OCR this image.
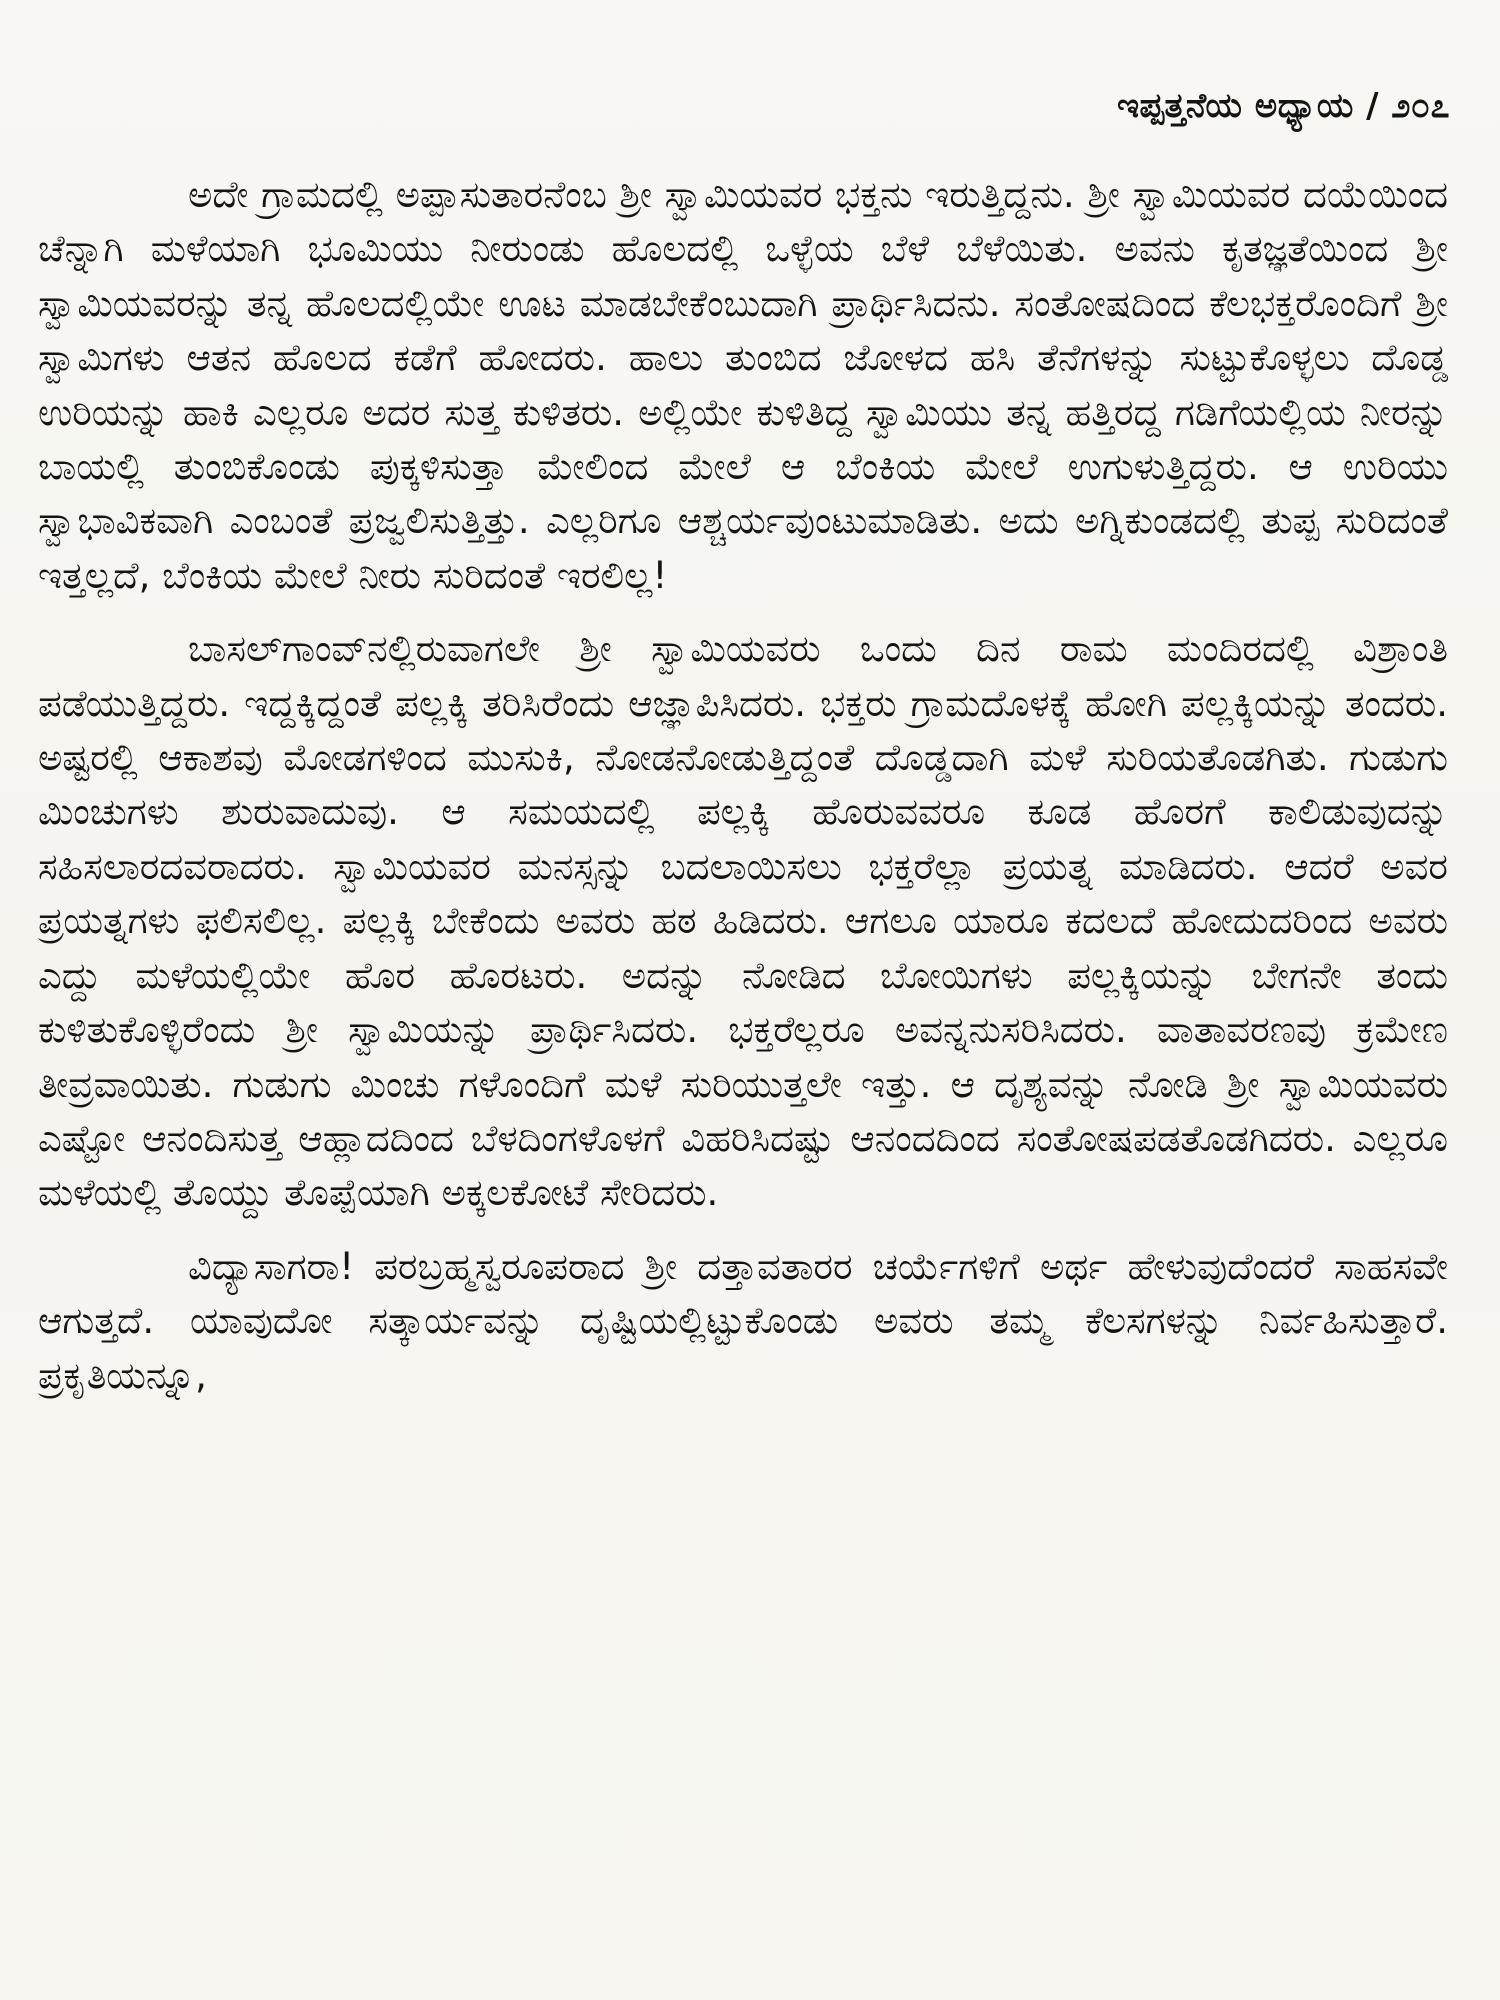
ಇಪ್ಪತ್ತನೆಯ ಅಧ್ಯಾಯ / ೨೦೭

ಅದೇ ಗ್ರಾಮದಲ್ಲಿ ಅಪ್ಪಾಸುತಾರನೆಂಬ ಶ್ರೀ ಸ್ವಾಮಿಯವರ ಭಕ್ತನು ಇರುತ್ತಿದ್ದನು. ಶ್ರೀ ಸ್ವಾಮಿಯವರ ದಯೆಯಿಂದ ಚೆನ್ನಾಗಿ ಮಳೆಯಾಗಿ ಭೂಮಿಯು ನೀರುಂಡು ಹೊಲದಲ್ಲಿ ಒಳ್ಳೆಯ ಬೆಳೆ ಬೆಳೆಯಿತು. ಅವನು ಕೃತಜ್ಞತೆಯಿಂದ ಶ್ರೀ ಸ್ವಾಮಿಯವರನ್ನು ತನ್ನ ಹೊಲದಲ್ಲಿಯೇ ಊಟ ಮಾಡಬೇಕೆಂಬುದಾಗಿ ಪ್ರಾರ್ಥಿಸಿದನು. ಸಂತೋಷದಿಂದ ಕೆಲಭಕ್ತರೊಂದಿಗೆ ಶ್ರೀ ಸ್ವಾಮಿಗಳು ಆತನ ಹೊಲದ ಕಡೆಗೆ ಹೋದರು. ಹಾಲು ತುಂಬಿದ ಜೋಳದ ಹಸಿ ತೆನೆಗಳನ್ನು ಸುಟ್ಟುಕೊಳ್ಳಲು ದೊಡ್ಡ ಉರಿಯನ್ನು ಹಾಕಿ ಎಲ್ಲರೂ ಅದರ ಸುತ್ತ ಕುಳಿತರು. ಅಲ್ಲಿಯೇ ಕುಳಿತಿದ್ದ ಸ್ವಾಮಿಯು ತನ್ನ ಹತ್ತಿರದ್ದ ಗಡಿಗೆಯಲ್ಲಿಯ ನೀರನ್ನು ಬಾಯಲ್ಲಿ ತುಂಬಿಕೊಂಡು ಪುಕ್ಕಳಿಸುತ್ತಾ ಮೇಲಿಂದ ಮೇಲೆ ಆ ಬೆಂಕಿಯ ಮೇಲೆ ಉಗುಳುತ್ತಿದ್ದರು. ಆ ಉರಿಯು ಸ್ವಾಭಾವಿಕವಾಗಿ ಎಂಬಂತೆ ಪ್ರಜ್ವಲಿಸುತ್ತಿತ್ತು. ಎಲ್ಲರಿಗೂ ಆಶ್ಚರ್ಯವುಂಟುಮಾಡಿತು. ಅದು ಅಗ್ನಿಕುಂಡದಲ್ಲಿ ತುಪ್ಪ ಸುರಿದಂತೆ ಇತ್ತಲ್ಲದೆ, ಬೆಂಕಿಯ ಮೇಲೆ ನೀರು ಸುರಿದಂತೆ ಇರಲಿಲ್ಲ!

ಬಾಸಲ್‌ಗಾಂವ್‌ನಲ್ಲಿರುವಾಗಲೇ ಶ್ರೀ ಸ್ವಾಮಿಯವರು ಒಂದು ದಿನ ರಾಮ ಮಂದಿರದಲ್ಲಿ ವಿಶ್ರಾಂತಿ ಪಡೆಯುತ್ತಿದ್ದರು. ಇದ್ದಕ್ಕಿದ್ದಂತೆ ಪಲ್ಲಕ್ಕಿ ತರಿಸಿರೆಂದು ಆಜ್ಞಾಪಿಸಿದರು. ಭಕ್ತರು ಗ್ರಾಮದೊಳಕ್ಕೆ ಹೋಗಿ ಪಲ್ಲಕ್ಕಿಯನ್ನು ತಂದರು. ಅಷ್ಟರಲ್ಲಿ ಆಕಾಶವು ಮೋಡಗಳಿಂದ ಮುಸುಕಿ, ನೋಡನೋಡುತ್ತಿದ್ದಂತೆ ದೊಡ್ಡದಾಗಿ ಮಳೆ ಸುರಿಯತೊಡಗಿತು. ಗುಡುಗು ಮಿಂಚುಗಳು ಶುರುವಾದುವು. ಆ ಸಮಯದಲ್ಲಿ ಪಲ್ಲಕ್ಕಿ ಹೊರುವವರೂ ಕೂಡ ಹೊರಗೆ ಕಾಲಿಡುವುದನ್ನು ಸಹಿಸಲಾರದವರಾದರು. ಸ್ವಾಮಿಯವರ ಮನಸ್ಸನ್ನು ಬದಲಾಯಿಸಲು ಭಕ್ತರೆಲ್ಲಾ ಪ್ರಯತ್ನ ಮಾಡಿದರು. ಆದರೆ ಅವರ ಪ್ರಯತ್ನಗಳು ಫಲಿಸಲಿಲ್ಲ. ಪಲ್ಲಕ್ಕಿ ಬೇಕೆಂದು ಅವರು ಹಠ ಹಿಡಿದರು. ಆಗಲೂ ಯಾರೂ ಕದಲದೆ ಹೋದುದರಿಂದ ಅವರು ಎದ್ದು ಮಳೆಯಲ್ಲಿಯೇ ಹೊರ ಹೊರಟರು. ಅದನ್ನು ನೋಡಿದ ಬೋಯಿಗಳು ಪಲ್ಲಕ್ಕಿಯನ್ನು ಬೇಗನೇ ತಂದು ಕುಳಿತುಕೊಳ್ಳಿರೆಂದು ಶ್ರೀ ಸ್ವಾಮಿಯನ್ನು ಪ್ರಾರ್ಥಿಸಿದರು. ಭಕ್ತರೆಲ್ಲರೂ ಅವನ್ನನುಸರಿಸಿದರು. ವಾತಾವರಣವು ಕ್ರಮೇಣ ತೀವ್ರವಾಯಿತು. ಗುಡುಗು ಮಿಂಚು ಗಳೊಂದಿಗೆ ಮಳೆ ಸುರಿಯುತ್ತಲೇ ಇತ್ತು. ಆ ದೃಶ್ಯವನ್ನು ನೋಡಿ ಶ್ರೀ ಸ್ವಾಮಿಯವರು ಎಷ್ಟೋ ಆನಂದಿಸುತ್ತ ಆಹ್ಲಾದದಿಂದ ಬೆಳದಿಂಗಳೊಳಗೆ ವಿಹರಿಸಿದಷ್ಟು ಆನಂದದಿಂದ ಸಂತೋಷಪಡತೊಡಗಿದರು. ಎಲ್ಲರೂ ಮಳೆಯಲ್ಲಿ ತೊಯ್ದು ತೊಪ್ಪೆಯಾಗಿ ಅಕ್ಕಲಕೋಟೆ ಸೇರಿದರು.

ವಿದ್ಯಾಸಾಗರಾ! ಪರಬ್ರಹ್ಮಸ್ವರೂಪರಾದ ಶ್ರೀ ದತ್ತಾವತಾರರ ಚರ್ಯೆಗಳಿಗೆ ಅರ್ಥ ಹೇಳುವುದೆಂದರೆ ಸಾಹಸವೇ ಆಗುತ್ತದೆ. ಯಾವುದೋ ಸತ್ಕಾರ್ಯವನ್ನು ದೃಷ್ಟಿಯಲ್ಲಿಟ್ಟುಕೊಂಡು ಅವರು ತಮ್ಮ ಕೆಲಸಗಳನ್ನು ನಿರ್ವಹಿಸುತ್ತಾರೆ. ಪ್ರಕೃತಿಯನ್ನೂ,
